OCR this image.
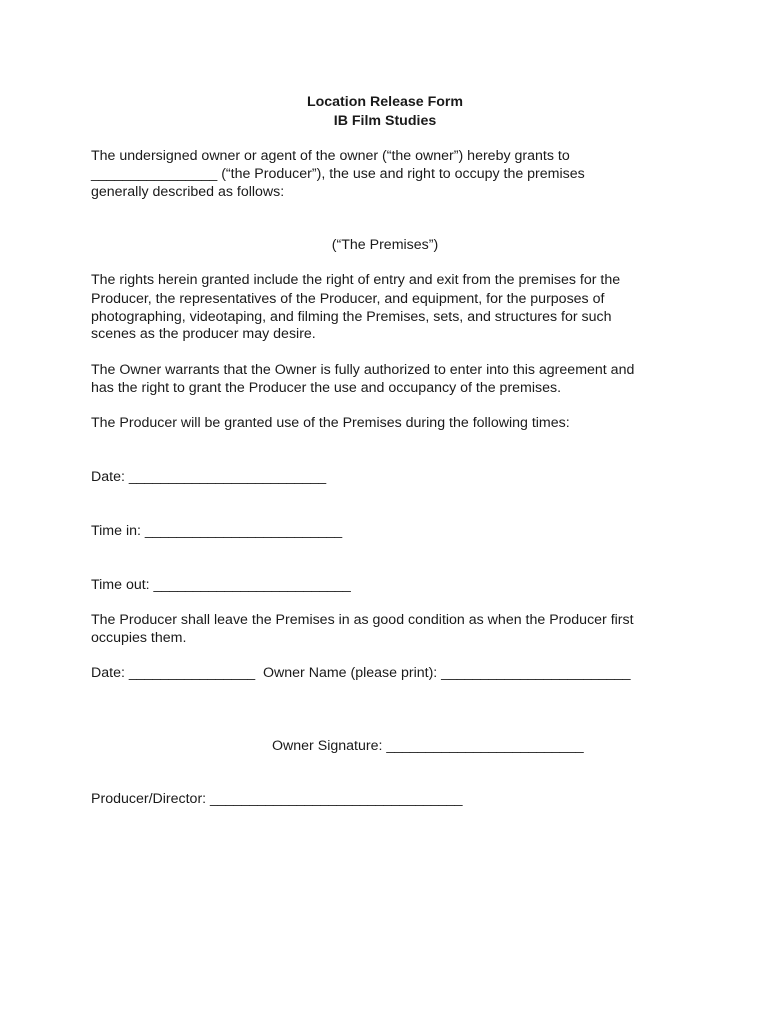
Location Release Form

IB Film Studies

The undersigned owner or agent of the owner (“the owner”) hereby grants to

________________ (“the Producer”), the use and right to occupy the premises

generally described as follows:

(“The Premises”)

The rights herein granted include the right of entry and exit from the premises for the

Producer, the representatives of the Producer, and equipment, for the purposes of

photographing, videotaping, and filming the Premises, sets, and structures for such

scenes as the producer may desire.

The Owner warrants that the Owner is fully authorized to enter into this agreement and

has the right to grant the Producer the use and occupancy of the premises.

The Producer will be granted use of the Premises during the following times:

Date: _________________________

Time in: _________________________

Time out: _________________________

The Producer shall leave the Premises in as good condition as when the Producer first

occupies them.

Date: ________________  Owner Name (please print): ________________________

Owner Signature: _________________________

Producer/Director: ________________________________
